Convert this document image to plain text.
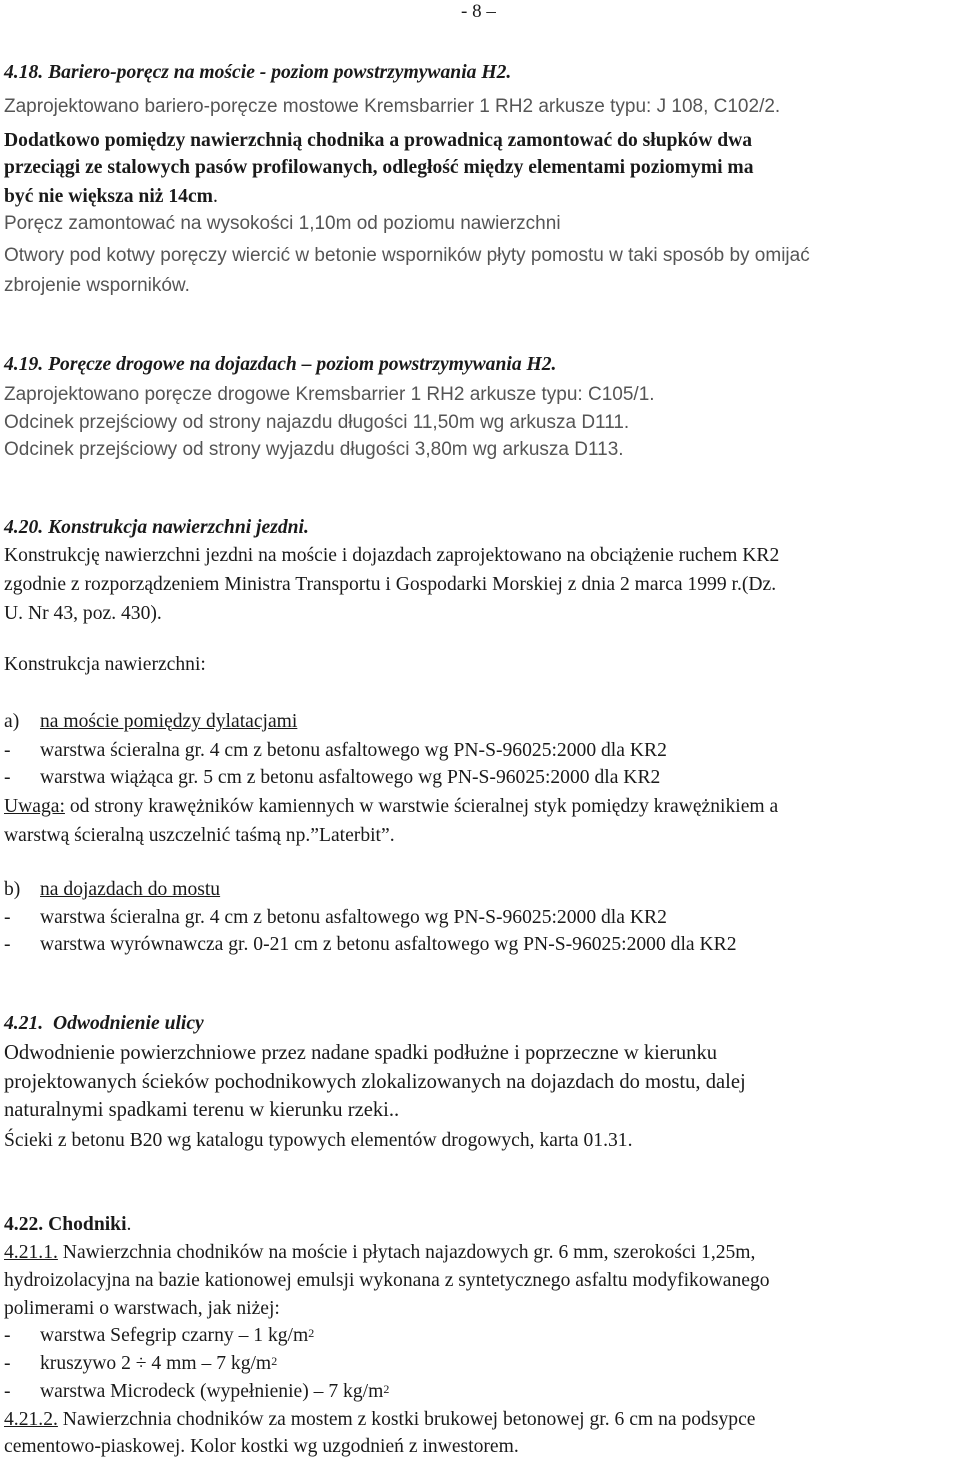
- 8 –

4.18. Bariero-poręcz na moście - poziom powstrzymywania H2.

Zaprojektowano bariero-poręcze mostowe Kremsbarrier 1 RH2 arkusze typu: J 108, C102/2.

Dodatkowo pomiędzy nawierzchnią chodnika a prowadnicą zamontować do słupków dwa

przeciągi ze stalowych pasów profilowanych, odległość między elementami poziomymi ma

być nie większa niż 14cm.

Poręcz zamontować na wysokości 1,10m od poziomu nawierzchni

Otwory pod kotwy poręczy wiercić w betonie wsporników płyty pomostu w taki sposób by omijać

zbrojenie wsporników.

4.19. Poręcze drogowe na dojazdach – poziom powstrzymywania H2.

Zaprojektowano poręcze drogowe Kremsbarrier 1 RH2 arkusze typu: C105/1.

Odcinek przejściowy od strony najazdu długości 11,50m wg arkusza D111.

Odcinek przejściowy od strony wyjazdu długości 3,80m wg arkusza D113.

4.20. Konstrukcja nawierzchni jezdni.

Konstrukcję nawierzchni jezdni na moście i dojazdach zaprojektowano na obciążenie ruchem KR2

zgodnie z rozporządzeniem Ministra Transportu i Gospodarki Morskiej z dnia 2 marca 1999 r.(Dz.

U. Nr 43, poz. 430).

Konstrukcja nawierzchni:

a) na moście pomiędzy dylatacjami

- warstwa ścieralna gr. 4 cm z betonu asfaltowego wg PN-S-96025:2000 dla KR2

- warstwa wiążąca gr. 5 cm z betonu asfaltowego wg PN-S-96025:2000 dla KR2

Uwaga: od strony krawężników kamiennych w warstwie ścieralnej styk pomiędzy krawężnikiem a

warstwą ścieralną uszczelnić taśmą np.”Laterbit”.

b) na dojazdach do mostu

- warstwa ścieralna gr. 4 cm z betonu asfaltowego wg PN-S-96025:2000 dla KR2

- warstwa wyrównawcza gr. 0-21 cm z betonu asfaltowego wg PN-S-96025:2000 dla KR2

4.21. Odwodnienie ulicy

Odwodnienie powierzchniowe przez nadane spadki podłużne i poprzeczne w kierunku

projektowanych ścieków pochodnikowych zlokalizowanych na dojazdach do mostu, dalej

naturalnymi spadkami terenu w kierunku rzeki..

Ścieki z betonu B20 wg katalogu typowych elementów drogowych, karta 01.31.

4.22. Chodniki.

4.21.1. Nawierzchnia chodników na moście i płytach najazdowych gr. 6 mm, szerokości 1,25m,

hydroizolacyjna na bazie kationowej emulsji wykonana z syntetycznego asfaltu modyfikowanego

polimerami o warstwach, jak niżej:

- warstwa Sefegrip czarny – 1 $kg/m^2$

- kruszywo 2 ÷ 4 mm – 7 $kg/m^2$

- warstwa Microdeck (wypełnienie) – 7 $kg/m^2$

4.21.2. Nawierzchnia chodników za mostem z kostki brukowej betonowej gr. 6 cm na podsypce

cementowo-piaskowej. Kolor kostki wg uzgodnień z inwestorem.
